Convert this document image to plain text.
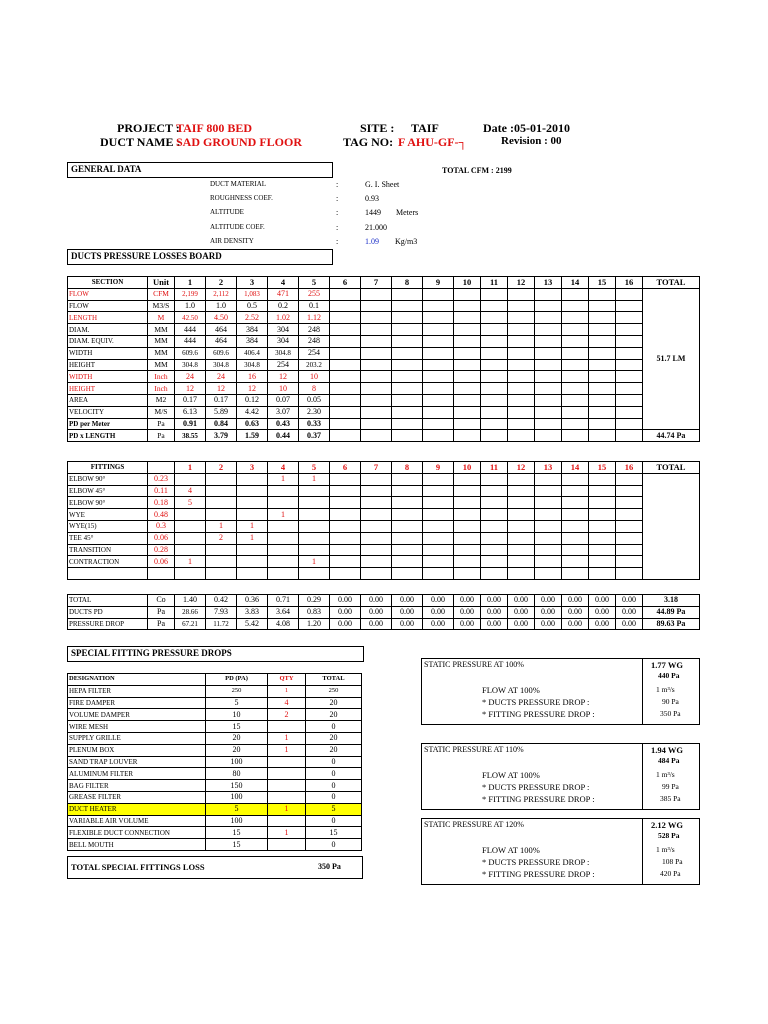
PROJECT :
TAIF 800 BED	SITE : TAIF	Date :05-01-2010
DUCT NAME :
SAD GROUND FLOOR	TAG NO: F AHU-GF-┐	Revision : 00
GENERAL DATA	TOTAL CFM : 2199
DUCT MATERIAL	:	G. I. Sheet
ROUGHNESS COEF.	:	0.93
ALTITUDE	:	1449 Meters
ALTITUDE COEF.	:	21.000
AIR DENSITY	:	1.09 Kg/m3
DUCTS PRESSURE LOSSES BOARD
SECTION	Unit	1	2	3	4	5	6	7	8	9	10	11	12	13	14	15	16	TOTAL
FLOW	CFM	2,199	2,112	1,083	471	255												51.7 LM
FLOW	M3/S	1.0	1.0	0.5	0.2	0.1												
LENGTH	M	42.50	4.50	2.52	1.02	1.12												
DIAM.	MM	444	464	384	304	248												
DIAM. EQUIV.	MM	444	464	384	304	248												
WIDTH	MM	609.6	609.6	406.4	304.8	254												
HEIGHT	MM	304.8	304.8	304.8	254	203.2												
WIDTH	Inch	24	24	16	12	10												
HEIGHT	Inch	12	12	12	10	8												
AREA	M2	0.17	0.17	0.12	0.07	0.05												
VELOCITY	M/S	6.13	5.89	4.42	3.07	2.30												
PD per Meter	Pa	0.91	0.84	0.63	0.43	0.33												
PD x LENGTH	Pa	38.55	3.79	1.59	0.44	0.37												44.74 Pa
FITTINGS		1	2	3	4	5	6	7	8	9	10	11	12	13	14	15	16	TOTAL
ELBOW 90°	0.23				1	1												
ELBOW 45°	0.11	4																
ELBOW 90°	0.18	5																
WYE	0.48				1													
WYE(15)	0.3		1	1														
TEE 45°	0.06		2	1														
TRANSITION	0.28																	
CONTRACTION	0.06	1				1												

TOTAL	Co	1.40	0.42	0.36	0.71	0.29	0.00	0.00	0.00	0.00	0.00	0.00	0.00	0.00	0.00	0.00	0.00	3.18
DUCTS PD	Pa	28.66	7.93	3.83	3.64	0.83	0.00	0.00	0.00	0.00	0.00	0.00	0.00	0.00	0.00	0.00	0.00	44.89 Pa
PRESSURE DROP	Pa	67.21	11.72	5.42	4.08	1.20	0.00	0.00	0.00	0.00	0.00	0.00	0.00	0.00	0.00	0.00	0.00	89.63 Pa
SPECIAL FITTING PRESSURE DROPS
DESIGNATION	PD (PA)	QTY	TOTAL
HEPA FILTER	250	1	250
FIRE DAMPER	5	4	20
VOLUME DAMPER	10	2	20
WIRE MESH	15		0
SUPPLY GRILLE	20	1	20
PLENUM BOX	20	1	20
SAND TRAP LOUVER	100		0
ALUMINUM FILTER	80		0
BAG FILTER	150		0
GREASE FILTER	100		0
DUCT HEATER	5	1	5
VARIABLE AIR VOLUME	100		0
FLEXIBLE DUCT CONNECTION	15	1	15
BELL MOUTH	15		0
TOTAL SPECIAL FITTINGS LOSS	350 Pa
STATIC PRESSURE AT 100%	1.77 WG
440 Pa
FLOW AT 100%	1 m³/s
* DUCTS PRESSURE DROP :	90 Pa
* FITTING PRESSURE DROP :	350 Pa
STATIC PRESSURE AT 110%	1.94 WG
484 Pa
FLOW AT 100%	1 m³/s
* DUCTS PRESSURE DROP :	99 Pa
* FITTING PRESSURE DROP :	385 Pa
STATIC PRESSURE AT 120%	2.12 WG
528 Pa
FLOW AT 100%	1 m³/s
* DUCTS PRESSURE DROP :	108 Pa
* FITTING PRESSURE DROP :	420 Pa
